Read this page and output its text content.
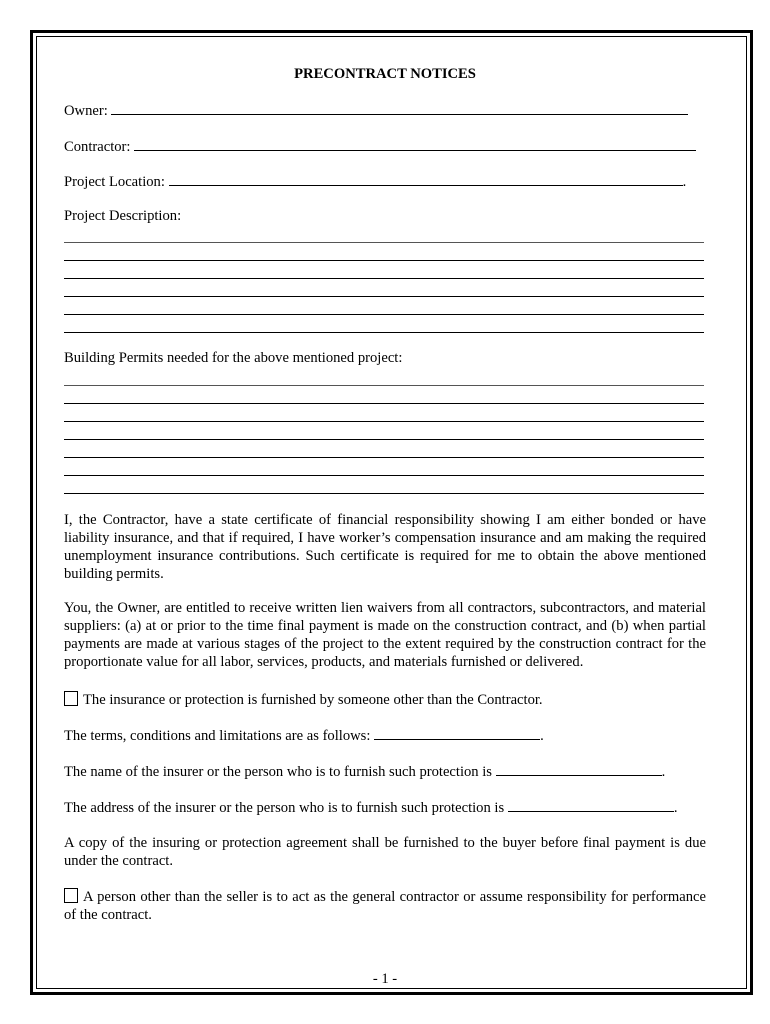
PRECONTRACT NOTICES
Owner:
Contractor:
Project Location:	.
Project Description:
Building Permits needed for the above mentioned project:
I, the Contractor, have a state certificate of financial responsibility showing I am either bonded or have liability insurance, and that if required, I have worker’s compensation insurance and am making the required unemployment insurance contributions. Such certificate is required for me to obtain the above mentioned building permits.
You, the Owner, are entitled to receive written lien waivers from all contractors, subcontractors, and material suppliers: (a) at or prior to the time final payment is made on the construction contract, and (b) when partial payments are made at various stages of the project to the extent required by the construction contract for the proportionate value for all labor, services, products, and materials furnished or delivered.
The insurance or protection is furnished by someone other than the Contractor.
The terms, conditions and limitations are as follows:	.
The name of the insurer or the person who is to furnish such protection is	.
The address of the insurer or the person who is to furnish such protection is	.
A copy of the insuring or protection agreement shall be furnished to the buyer before final payment is due under the contract.
A person other than the seller is to act as the general contractor or assume responsibility for performance of the contract.
- 1 -
